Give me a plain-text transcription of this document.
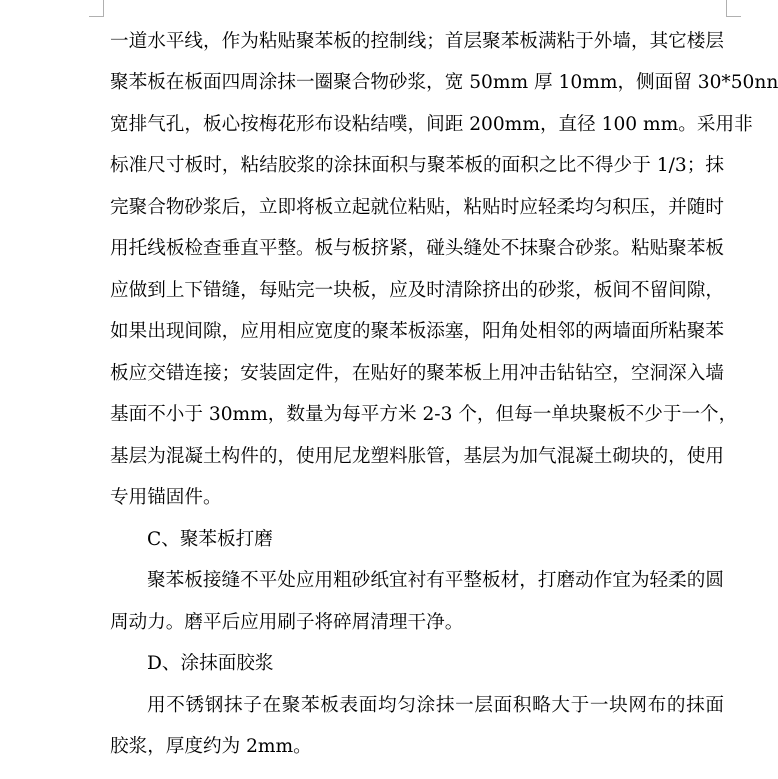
一道水平线，作为粘贴聚苯板的控制线；首层聚苯板满粘于外墙，其它楼层
聚苯板在板面四周涂抹一圈聚合物砂浆，宽 50mm 厚 10mm，侧面留 30*50nn
宽排气孔，板心按梅花形布设粘结噗，间距 200mm，直径 100 mm。采用非
标准尺寸板时，粘结胶浆的涂抹面积与聚苯板的面积之比不得少于 1/3；抹
完聚合物砂浆后，立即将板立起就位粘贴，粘贴时应轻柔均匀积压，并随时
用托线板检查垂直平整。板与板挤紧，碰头缝处不抹聚合砂浆。粘贴聚苯板
应做到上下错缝，每贴完一块板，应及时清除挤出的砂浆，板间不留间隙，
如果出现间隙，应用相应宽度的聚苯板添塞，阳角处相邻的两墙面所粘聚苯
板应交错连接；安装固定件，在贴好的聚苯板上用冲击钻钻空，空洞深入墙
基面不小于 30mm，数量为每平方米 2-3 个，但每一单块聚板不少于一个，
基层为混凝土构件的，使用尼龙塑料胀管，基层为加气混凝土砌块的，使用
专用锚固件。
C、聚苯板打磨
聚苯板接缝不平处应用粗砂纸宜衬有平整板材，打磨动作宜为轻柔的圆
周动力。磨平后应用刷子将碎屑清理干净。
D、涂抹面胶浆
用不锈钢抹子在聚苯板表面均匀涂抹一层面积略大于一块网布的抹面
胶浆，厚度约为 2mm。
